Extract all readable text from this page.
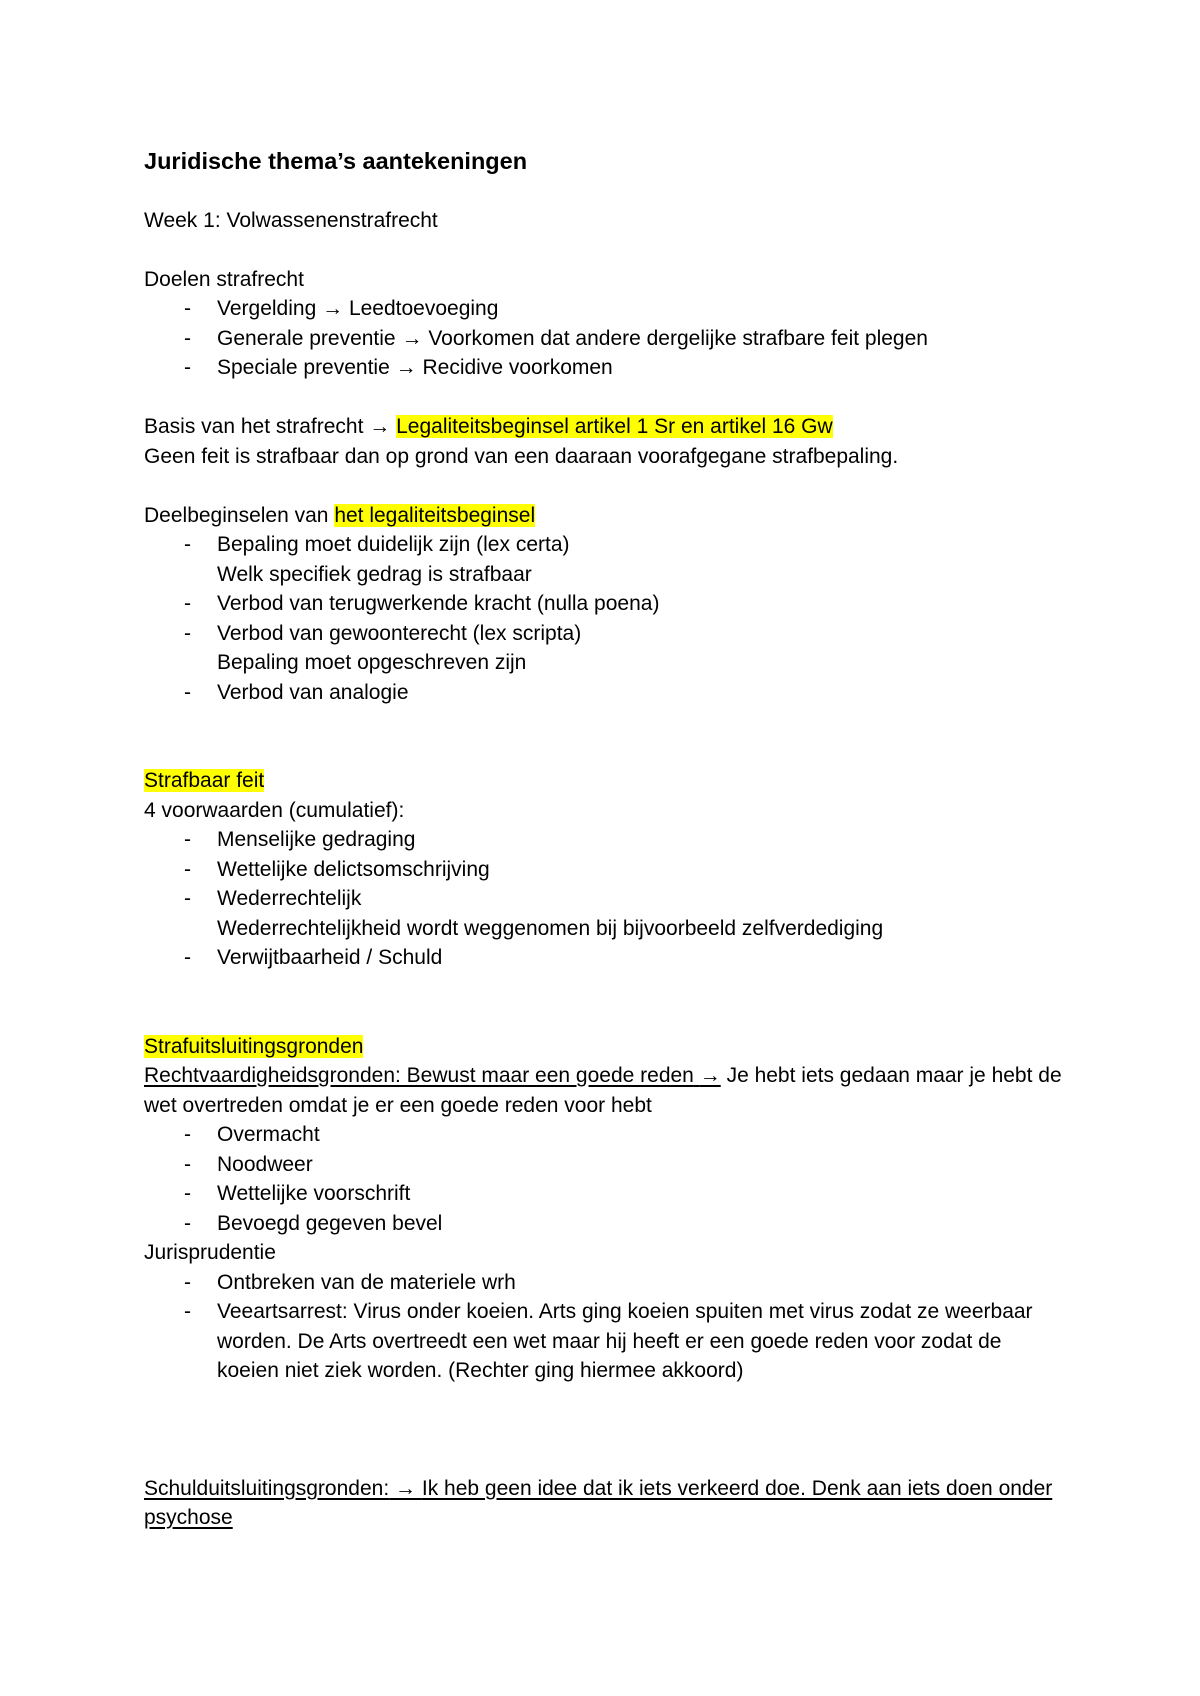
Juridische thema’s aantekeningen

Week 1: Volwassenenstrafrecht

Doelen strafrecht

- Vergelding → Leedtoevoeging
- Generale preventie → Voorkomen dat andere dergelijke strafbare feit plegen
- Speciale preventie → Recidive voorkomen

Basis van het strafrecht → Legaliteitsbeginsel artikel 1 Sr en artikel 16 Gw

Geen feit is strafbaar dan op grond van een daaraan voorafgegane strafbepaling.

Deelbeginselen van het legaliteitsbeginsel

- Bepaling moet duidelijk zijn (lex certa)
Welk specifiek gedrag is strafbaar
- Verbod van terugwerkende kracht (nulla poena)
- Verbod van gewoonterecht (lex scripta)
Bepaling moet opgeschreven zijn
- Verbod van analogie

Strafbaar feit

4 voorwaarden (cumulatief):

- Menselijke gedraging
- Wettelijke delictsomschrijving
- Wederrechtelijk
Wederrechtelijkheid wordt weggenomen bij bijvoorbeeld zelfverdediging
- Verwijtbaarheid / Schuld

Strafuitsluitingsgronden

Rechtvaardigheidsgronden: Bewust maar een goede reden → Je hebt iets gedaan maar je hebt de wet overtreden omdat je er een goede reden voor hebt

- Overmacht
- Noodweer
- Wettelijke voorschrift
- Bevoegd gegeven bevel

Jurisprudentie

- Ontbreken van de materiele wrh
- Veeartsarrest: Virus onder koeien. Arts ging koeien spuiten met virus zodat ze weerbaar worden. De Arts overtreedt een wet maar hij heeft er een goede reden voor zodat de koeien niet ziek worden. (Rechter ging hiermee akkoord)

Schulduitsluitingsgronden: → Ik heb geen idee dat ik iets verkeerd doe. Denk aan iets doen onder psychose
